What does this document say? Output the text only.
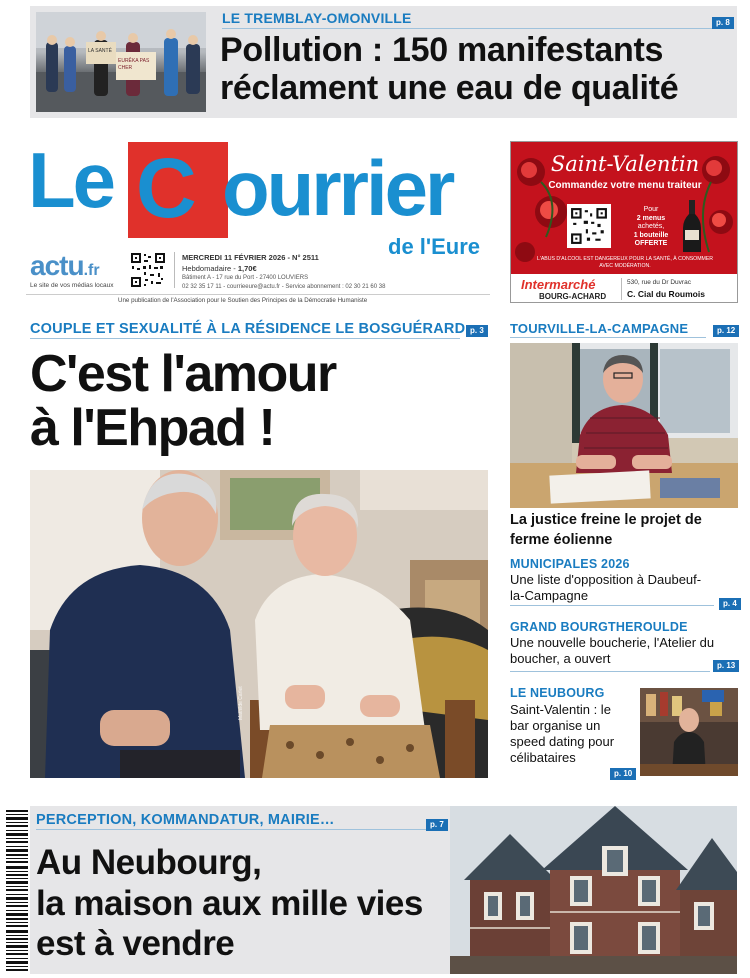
LA SANTÉ
EURÊKA PAS CHER
LE TREMBLAY-OMONVILLE	p. 8
Pollution : 150 manifestants
réclament une eau de qualité
Le C ourrier
de l'Eure
actu.fr
Le site de vos médias locaux
MERCREDI 11 FÉVRIER 2026 - N° 2511
Hebdomadaire - 1,70€
Bâtiment A - 17 rue du Port - 27400 LOUVIERS
02 32 35 17 11 - courrieeure@actu.fr - Service abonnement : 02 30 21 60 38
Une publication de l'Association pour le Soutien des Principes de la Démocratie Humaniste
Saint-Valentin
Commandez votre menu traiteur
Pour
2 menus
achetés,
1 bouteille
OFFERTE
L'ABUS D'ALCOOL EST DANGEREUX POUR LA SANTÉ, À CONSOMMER AVEC MODÉRATION.
Intermarché
BOURG-ACHARD
530, rue du Dr Duvrac
C. Cial du Roumois
COUPLE ET SEXUALITÉ À LA RÉSIDENCE LE BOSGUÉRARD p. 3
C'est l'amour
à l'Ehpad !
Mathilde Carlet
TOURVILLE-LA-CAMPAGNE	p. 12
La justice freine le projet de ferme éolienne
MUNICIPALES 2026
Une liste d'opposition à Daubeuf-la-Campagne
p. 4
GRAND BOURGTHEROULDE
Une nouvelle boucherie, l'Atelier du boucher, a ouvert	p. 13
LE NEUBOURG
Saint-Valentin : le bar organise un speed dating pour célibataires
p. 10
PERCEPTION, KOMMANDATUR, MAIRIE…	p. 7
Au Neubourg,
la maison aux mille vies
est à vendre
